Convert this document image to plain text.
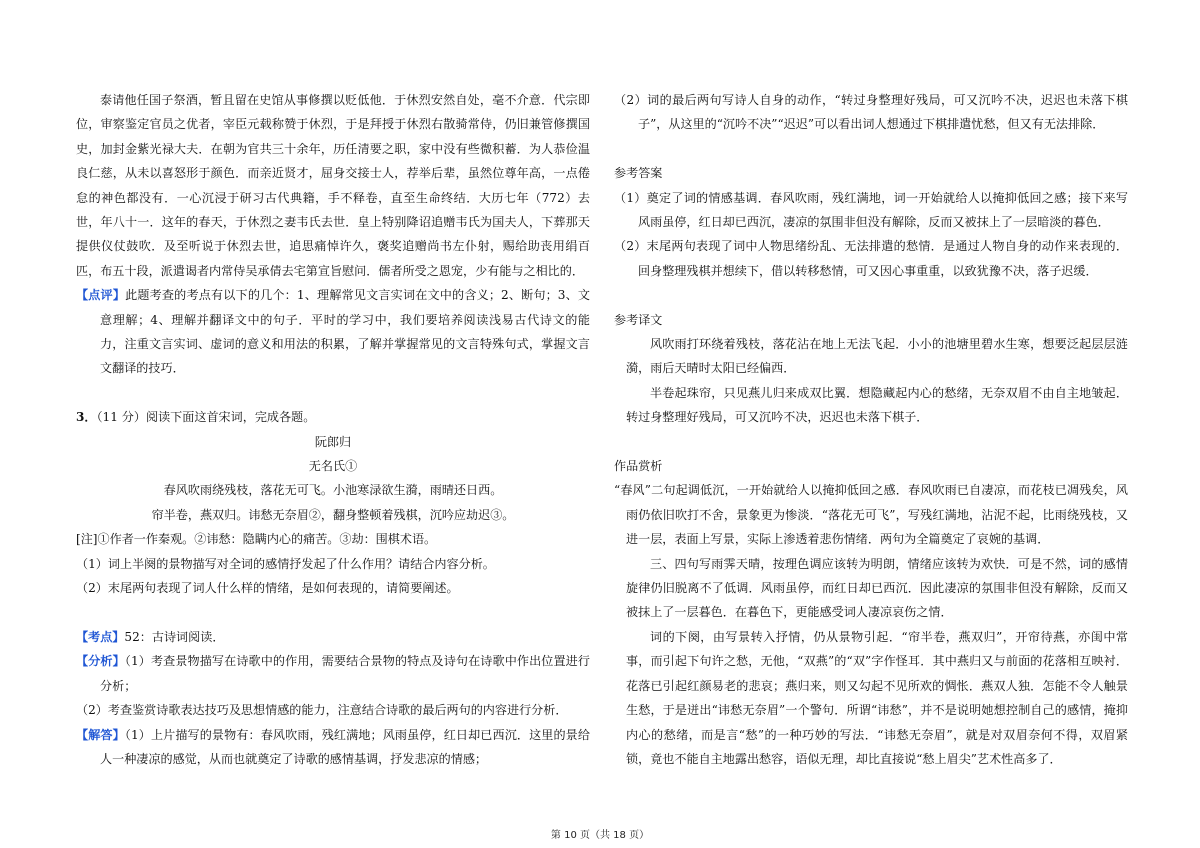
泰请他任国子祭酒，暂且留在史馆从事修撰以贬低他．于休烈安然自处，毫不介意．代宗即位，审察鉴定官员之优者，宰臣元载称赞于休烈，于是拜授于休烈右散骑常侍，仍旧兼管修撰国史，加封金紫光禄大夫．在朝为官共三十余年，历任清要之职，家中没有些微积蓄．为人恭俭温良仁慈，从未以喜怒形于颜色．而亲近贤才，屈身交接士人，荐举后辈，虽然位尊年高，一点倦怠的神色都没有．一心沉浸于研习古代典籍，手不释卷，直至生命终结．大历七年（772）去世，年八十一．这年的春天，于休烈之妻韦氏去世．皇上特别降诏追赠韦氏为国夫人，下葬那天提供仪仗鼓吹．及至听说于休烈去世，追思痛悼许久，褒奖追赠尚书左仆射，赐给助丧用绢百匹，布五十段，派遣谒者内常侍吴承倩去宅第宣旨慰问．儒者所受之恩宠，少有能与之相比的．

【点评】此题考查的考点有以下的几个：1、理解常见文言实词在文中的含义；2、断句；3、文意理解；4、理解并翻译文中的句子．平时的学习中，我们要培养阅读浅易古代诗文的能力，注重文言实词、虚词的意义和用法的积累，了解并掌握常见的文言特殊句式，掌握文言文翻译的技巧．

3．（11 分）阅读下面这首宋词，完成各题。

阮郎归

无名氏①

春风吹雨绕残枝，落花无可飞。小池寒渌欲生漪，雨晴还日西。

帘半卷，燕双归。讳愁无奈眉②，翻身整顿着残棋，沉吟应劫迟③。

[注]①作者一作秦观。②讳愁：隐瞒内心的痛苦。③劫：围棋术语。

（1）词上半阕的景物描写对全词的感情抒发起了什么作用？请结合内容分析。

（2）末尾两句表现了词人什么样的情绪，是如何表现的，请简要阐述。

【考点】52：古诗词阅读．

【分析】（1）考查景物描写在诗歌中的作用，需要结合景物的特点及诗句在诗歌中作出位置进行分析；

（2）考查鉴赏诗歌表达技巧及思想情感的能力，注意结合诗歌的最后两句的内容进行分析．

【解答】（1）上片描写的景物有：春风吹雨，残红满地；风雨虽停，红日却已西沉．这里的景给人一种凄凉的感觉，从而也就奠定了诗歌的感情基调，抒发悲凉的情感；

（2）词的最后两句写诗人自身的动作，“转过身整理好残局，可又沉吟不决，迟迟也未落下棋子”，从这里的“沉吟不决”“迟迟”可以看出词人想通过下棋排遣忧愁，但又有无法排除．

参考答案

（1）奠定了词的情感基调．春风吹雨，残红满地，词一开始就给人以掩抑低回之感；接下来写风雨虽停，红日却已西沉，凄凉的氛围非但没有解除，反而又被抹上了一层暗淡的暮色．

（2）末尾两句表现了词中人物思绪纷乱、无法排遣的愁情．是通过人物自身的动作来表现的．回身整理残棋并想续下，借以转移愁情，可又因心事重重，以致犹豫不决，落子迟缓．

参考译文

风吹雨打环绕着残枝，落花沾在地上无法飞起．小小的池塘里碧水生寒，想要泛起层层涟漪，雨后天晴时太阳已经偏西．

半卷起珠帘，只见燕儿归来成双比翼．想隐藏起内心的愁绪，无奈双眉不由自主地皱起．转过身整理好残局，可又沉吟不决，迟迟也未落下棋子．

作品赏析

“春风”二句起调低沉，一开始就给人以掩抑低回之感．春风吹雨已自凄凉，而花枝已凋残矣，风雨仍依旧吹打不舍，景象更为惨淡．“落花无可飞”，写残红满地，沾泥不起，比雨绕残枝，又进一层，表面上写景，实际上渗透着悲伤情绪．两句为全篇奠定了哀婉的基调．

三、四句写雨霁天晴，按理色调应该转为明朗，情绪应该转为欢快．可是不然，词的感情旋律仍旧脱离不了低调．风雨虽停，而红日却已西沉．因此凄凉的氛围非但没有解除，反而又被抹上了一层暮色．在暮色下，更能感受词人凄凉哀伤之情．

词的下阕，由写景转入抒情，仍从景物引起．“帘半卷，燕双归”，开帘待燕，亦闺中常事，而引起下句许之愁，无他，“双燕”的“双”字作怪耳．其中燕归又与前面的花落相互映衬．花落已引起红颜易老的悲哀；燕归来，则又勾起不见所欢的惆怅．燕双人独．怎能不令人触景生愁，于是迸出“讳愁无奈眉”一个警句．所谓“讳愁”，并不是说明她想控制自己的感情，掩抑内心的愁绪，而是言“愁”的一种巧妙的写法．“讳愁无奈眉”，就是对双眉奈何不得，双眉紧锁，竟也不能自主地露出愁容，语似无理，却比直接说“愁上眉尖”艺术性高多了．

第 10 页（共 18 页）
